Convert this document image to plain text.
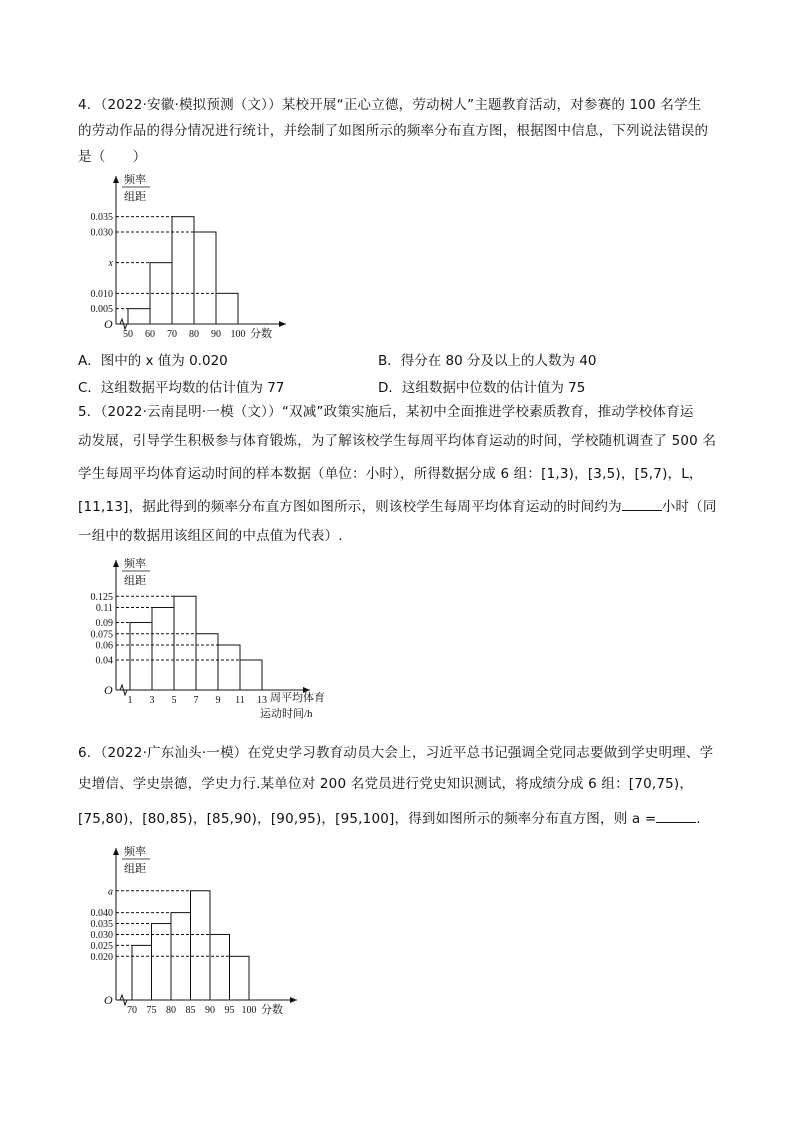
4．（2022·安徽·模拟预测（文））某校开展“正心立德，劳动树人”主题教育活动，对参赛的 100 名学生

的劳动作品的得分情况进行统计，并绘制了如图所示的频率分布直方图，根据图中信息，下列说法错误的

是（　　）

频率
组距
O
0.035
0.030
x
0.010
0.005
50 60 70 80 90 100 分数
A．图中的 x 值为 0.020	B．得分在 80 分及以上的人数为 40
C．这组数据平均数的估计值为 77	D．这组数据中位数的估计值为 75

5．（2022·云南昆明·一模（文））“双减”政策实施后，某初中全面推进学校素质教育，推动学校体育运

动发展，引导学生积极参与体育锻炼，为了解该校学生每周平均体育运动的时间，学校随机调查了 500 名

学生每周平均体育运动时间的样本数据（单位：小时），所得数据分成 6 组：[1,3)，[3,5)，[5,7)，L，

[11,13]，据此得到的频率分布直方图如图所示，则该校学生每周平均体育运动的时间约为	小时（同

一组中的数据用该组区间的中点值为代表）.

频率
组距
O
0.125
0.11
0.09
0.075
0.06
0.04
1 3 5 7 9 11 13 周平均体育
运动时间/h

6．（2022·广东汕头·一模）在党史学习教育动员大会上，习近平总书记强调全党同志要做到学史明理、学

史增信、学史崇德，学史力行.某单位对 200 名党员进行党史知识测试，将成绩分成 6 组：[70,75)，

[75,80)，[80,85)，[85,90)，[90,95)，[95,100]，得到如图所示的频率分布直方图，则 a =	.

频率
组距
O
a
0.040
0.035
0.030
0.025
0.020
70 75 80 85 90 95 100 分数
